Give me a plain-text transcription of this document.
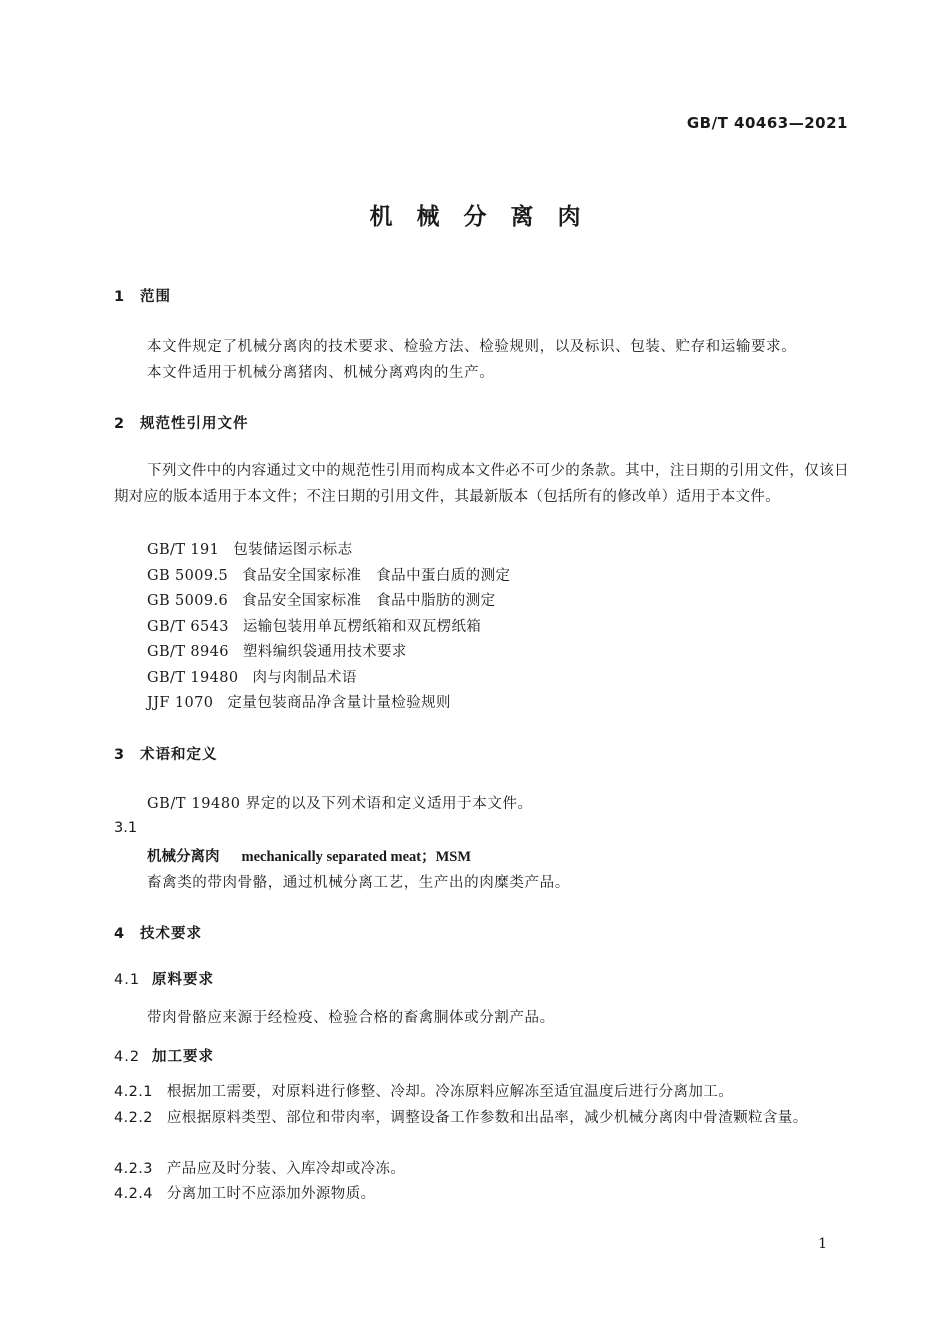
GB/T 40463—2021
机械分离肉
1 范围
本文件规定了机械分离肉的技术要求、检验方法、检验规则，以及标识、包装、贮存和运输要求。
本文件适用于机械分离猪肉、机械分离鸡肉的生产。
2 规范性引用文件
下列文件中的内容通过文中的规范性引用而构成本文件必不可少的条款。其中，注日期的引用文件，仅该日期对应的版本适用于本文件；不注日期的引用文件，其最新版本（包括所有的修改单）适用于本文件。
GB/T 191 包装储运图示标志
GB 5009.5 食品安全国家标准　食品中蛋白质的测定
GB 5009.6 食品安全国家标准　食品中脂肪的测定
GB/T 6543 运输包装用单瓦楞纸箱和双瓦楞纸箱
GB/T 8946 塑料编织袋通用技术要求
GB/T 19480 肉与肉制品术语
JJF 1070 定量包装商品净含量计量检验规则
3 术语和定义
GB/T 19480 界定的以及下列术语和定义适用于本文件。
3.1
机械分离肉 mechanically separated meat；MSM
畜禽类的带肉骨骼，通过机械分离工艺，生产出的肉糜类产品。
4 技术要求
4.1 原料要求
带肉骨骼应来源于经检疫、检验合格的畜禽胴体或分割产品。
4.2 加工要求
4.2.1 根据加工需要，对原料进行修整、冷却。冷冻原料应解冻至适宜温度后进行分离加工。
4.2.2 应根据原料类型、部位和带肉率，调整设备工作参数和出品率，减少机械分离肉中骨渣颗粒含量。
4.2.3 产品应及时分装、入库冷却或冷冻。
4.2.4 分离加工时不应添加外源物质。
1
